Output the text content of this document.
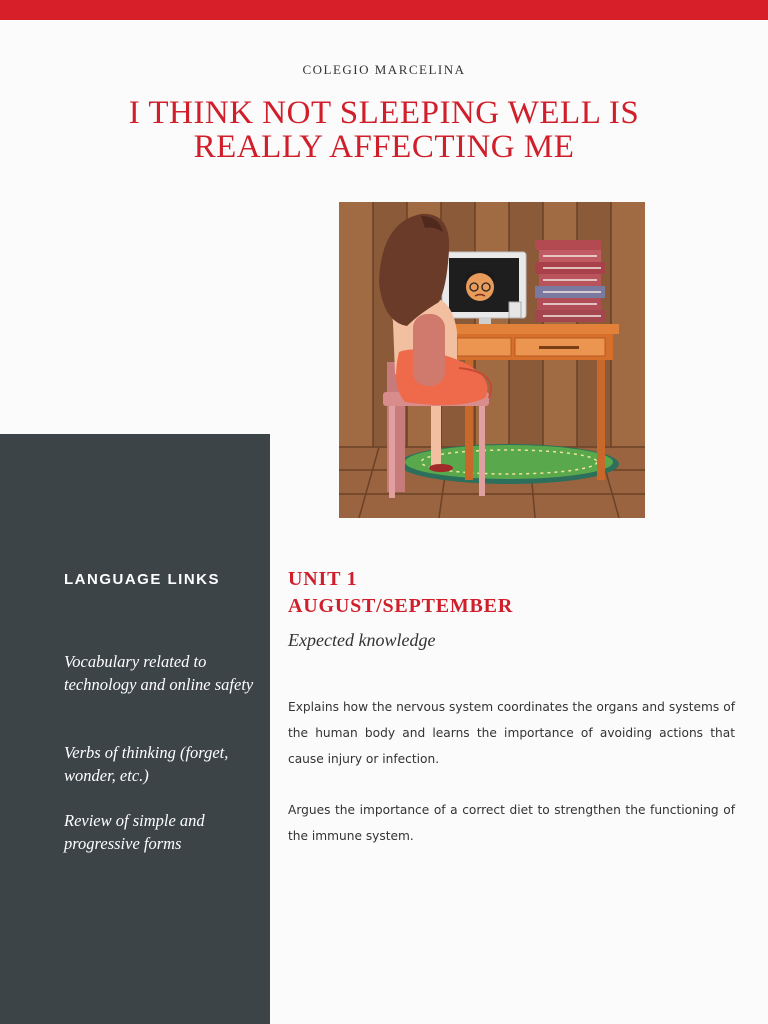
COLEGIO MARCELINA
I THINK NOT SLEEPING WELL IS REALLY AFFECTING ME
LANGUAGE LINKS
Vocabulary related to technology and online safety
Verbs of thinking (forget, wonder, etc.)
Review of simple and progressive forms
UNIT 1
AUGUST/SEPTEMBER
Expected knowledge

Explains how the nervous system coordinates the organs and systems of the human body and learns the importance of avoiding actions that cause injury or infection.

Argues the importance of a correct diet to strengthen the functioning of the immune system.
